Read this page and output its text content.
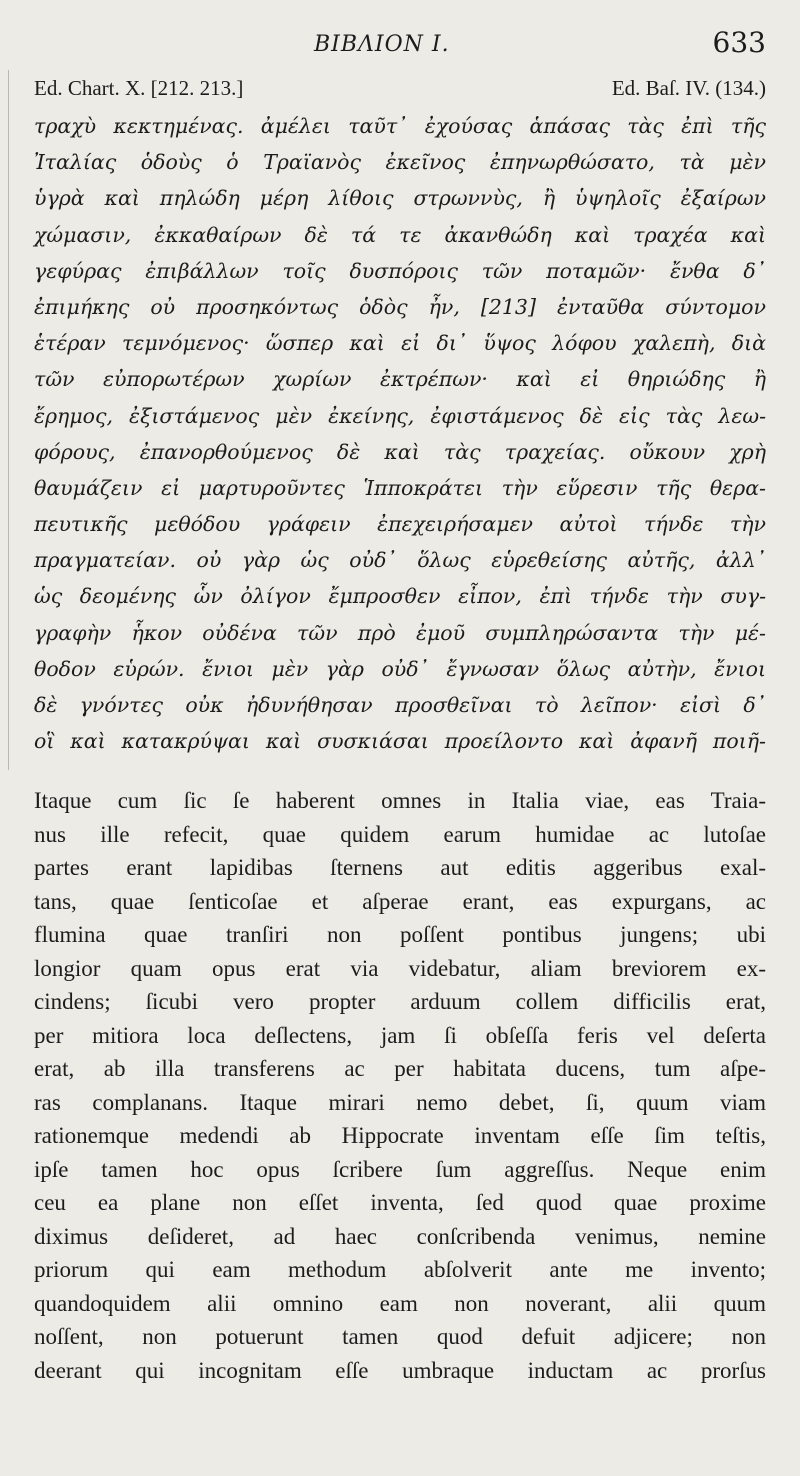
ΒΙΒΛΙΟΝ Ι.	633
Ed. Chart. X. [212. 213.]	Ed. Baſ. IV. (134.)
τραχὺ κεκτημένας. ἀμέλει ταῦτ᾽ ἐχούσας ἁπάσας τὰς ἐπὶ τῆς
Ἰταλίας ὁδοὺς ὁ Τραϊανὸς ἐκεῖνος ἐπηνωρθώσατο, τὰ μὲν
ὑγρὰ καὶ πηλώδη μέρη λίθοις στρωννὺς, ἢ ὑψηλοῖς ἐξαίρων
χώμασιν, ἐκκαθαίρων δὲ τά τε ἀκανθώδη καὶ τραχέα καὶ
γεφύρας ἐπιβάλλων τοῖς δυσπόροις τῶν ποταμῶν· ἔνθα δ᾽
ἐπιμήκης οὐ προσηκόντως ὁδὸς ἦν, [213] ἐνταῦθα σύντομον
ἑτέραν τεμνόμενος· ὥσπερ καὶ εἰ δι᾽ ὕψος λόφου χαλεπὴ, διὰ
τῶν εὐπορωτέρων χωρίων ἐκτρέπων· καὶ εἰ θηριώδης ἢ
ἔρημος, ἐξιστάμενος μὲν ἐκείνης, ἐφιστάμενος δὲ εἰς τὰς λεω-
φόρους, ἐπανορθούμενος δὲ καὶ τὰς τραχείας. οὔκουν χρὴ
θαυμάζειν εἰ μαρτυροῦντες Ἱπποκράτει τὴν εὕρεσιν τῆς θερα-
πευτικῆς μεθόδου γράφειν ἐπεχειρήσαμεν αὐτοὶ τήνδε τὴν
πραγματείαν. οὐ γὰρ ὡς οὐδ᾽ ὅλως εὑρεθείσης αὐτῆς, ἀλλ᾽
ὡς δεομένης ὧν ὀλίγον ἔμπροσθεν εἶπον, ἐπὶ τήνδε τὴν συγ-
γραφὴν ἧκον οὐδένα τῶν πρὸ ἐμοῦ συμπληρώσαντα τὴν μέ-
θοδον εὑρών. ἔνιοι μὲν γὰρ οὐδ᾽ ἔγνωσαν ὅλως αὐτὴν, ἔνιοι
δὲ γνόντες οὐκ ἠδυνήθησαν προσθεῖναι τὸ λεῖπον· εἰσὶ δ᾽
οἳ καὶ κατακρύψαι καὶ συσκιάσαι προείλοντο καὶ ἀφανῆ ποιῆ-
Itaque cum ſic ſe haberent omnes in Italia viae, eas Traia-
nus ille refecit, quae quidem earum humidae ac lutoſae
partes erant lapidibas ſternens aut editis aggeribus exal-
tans, quae ſenticoſae et aſperae erant, eas expurgans, ac
flumina quae tranſiri non poſſent pontibus jungens; ubi
longior quam opus erat via videbatur, aliam breviorem ex-
cindens; ſicubi vero propter arduum collem difficilis erat,
per mitiora loca deſlectens, jam ſi obſeſſa feris vel deſerta
erat, ab illa transferens ac per habitata ducens, tum aſpe-
ras complanans. Itaque mirari nemo debet, ſi, quum viam
rationemque medendi ab Hippocrate inventam eſſe ſim teſtis,
ipſe tamen hoc opus ſcribere ſum aggreſſus. Neque enim
ceu ea plane non eſſet inventa, ſed quod quae proxime
diximus deſideret, ad haec conſcribenda venimus, nemine
priorum qui eam methodum abſolverit ante me invento;
quandoquidem alii omnino eam non noverant, alii quum
noſſent, non potuerunt tamen quod defuit adjicere; non
deerant qui incognitam eſſe umbraque inductam ac prorſus
